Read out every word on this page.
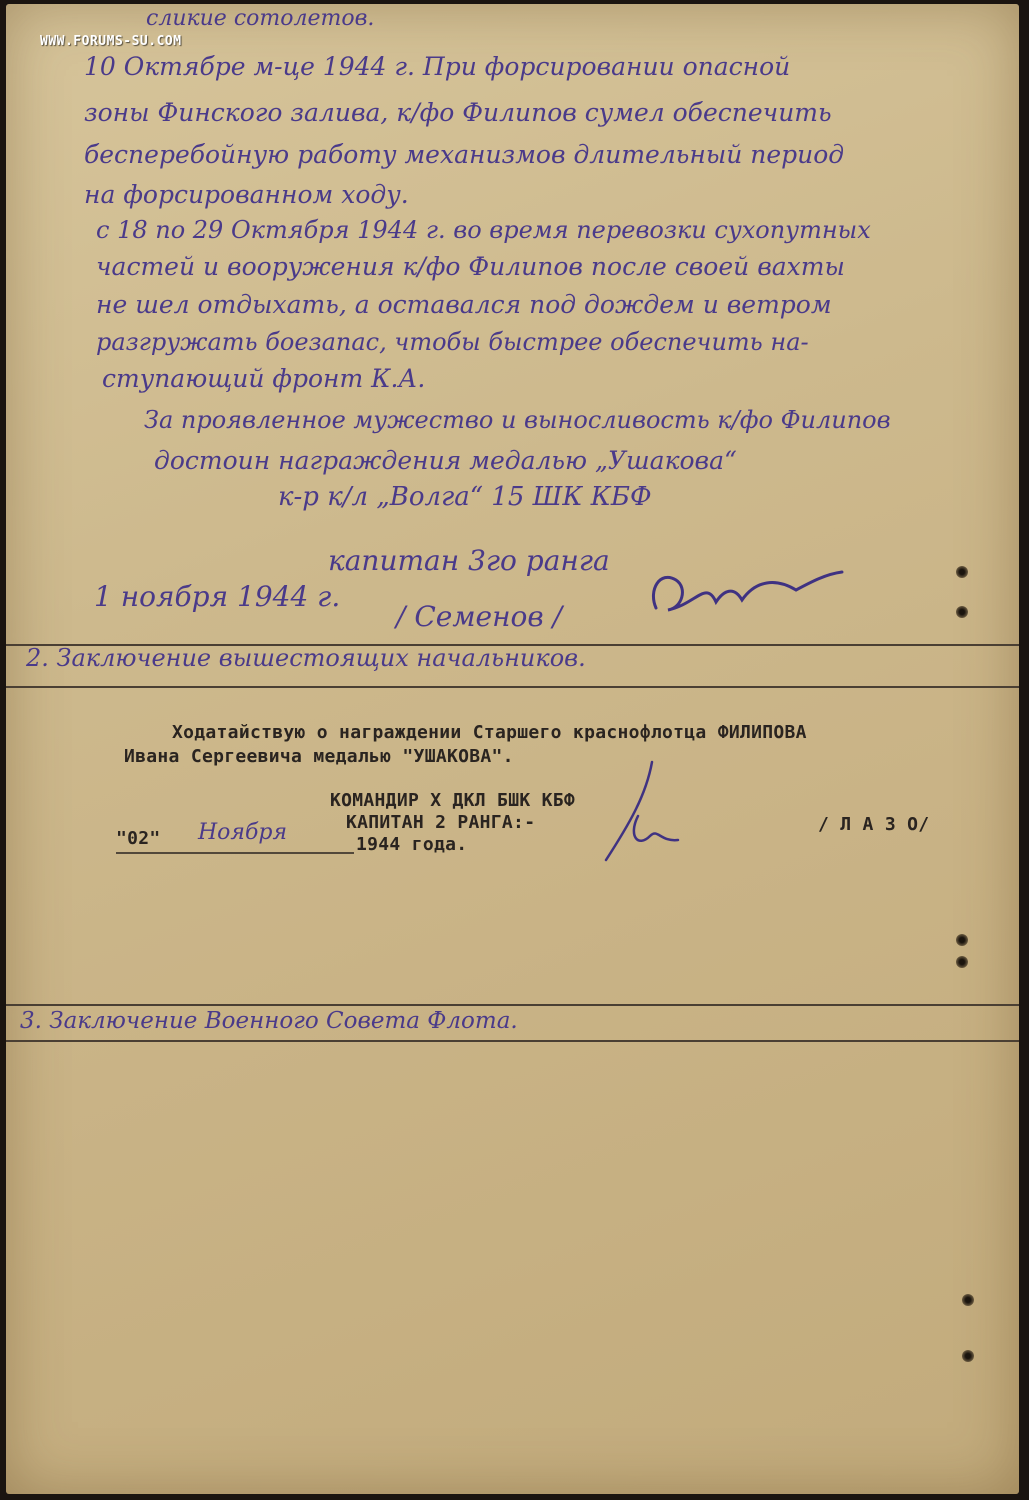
WWW.FORUMS-SU.COM
сликие сотолетов.
10 Октябре м-це 1944 г. При форсировании опасной
зоны Финского залива, к/фо Филипов сумел обеспечить
бесперебойную работу механизмов длительный период
на форсированном ходу.
с 18 по 29 Октября 1944 г. во время перевозки сухопутных
частей и вооружения к/фо Филипов после своей вахты
не шел отдыхать, а оставался под дождем и ветром
разгружать боезапас, чтобы быстрее обеспечить на-
ступающий фронт К.А.
За проявленное мужество и выносливость к/фо Филипов
достоин награждения медалью „Ушакова“
к-р к/л „Волга“ 15 ШК КБФ
капитан 3го ранга
1 ноября 1944 г.
/ Семенов /
2. Заключение вышестоящих начальников.
Ходатайствую о награждении Старшего краснофлотца ФИЛИПОВА
Ивана Сергеевича медалью "УШАКОВА".
КОМАНДИР X ДКЛ БШК КБФ
КАПИТАН 2 РАНГА:-	/ Л А З О/
"02" Ноября	1944 года.
3. Заключение Военного Совета Флота.
